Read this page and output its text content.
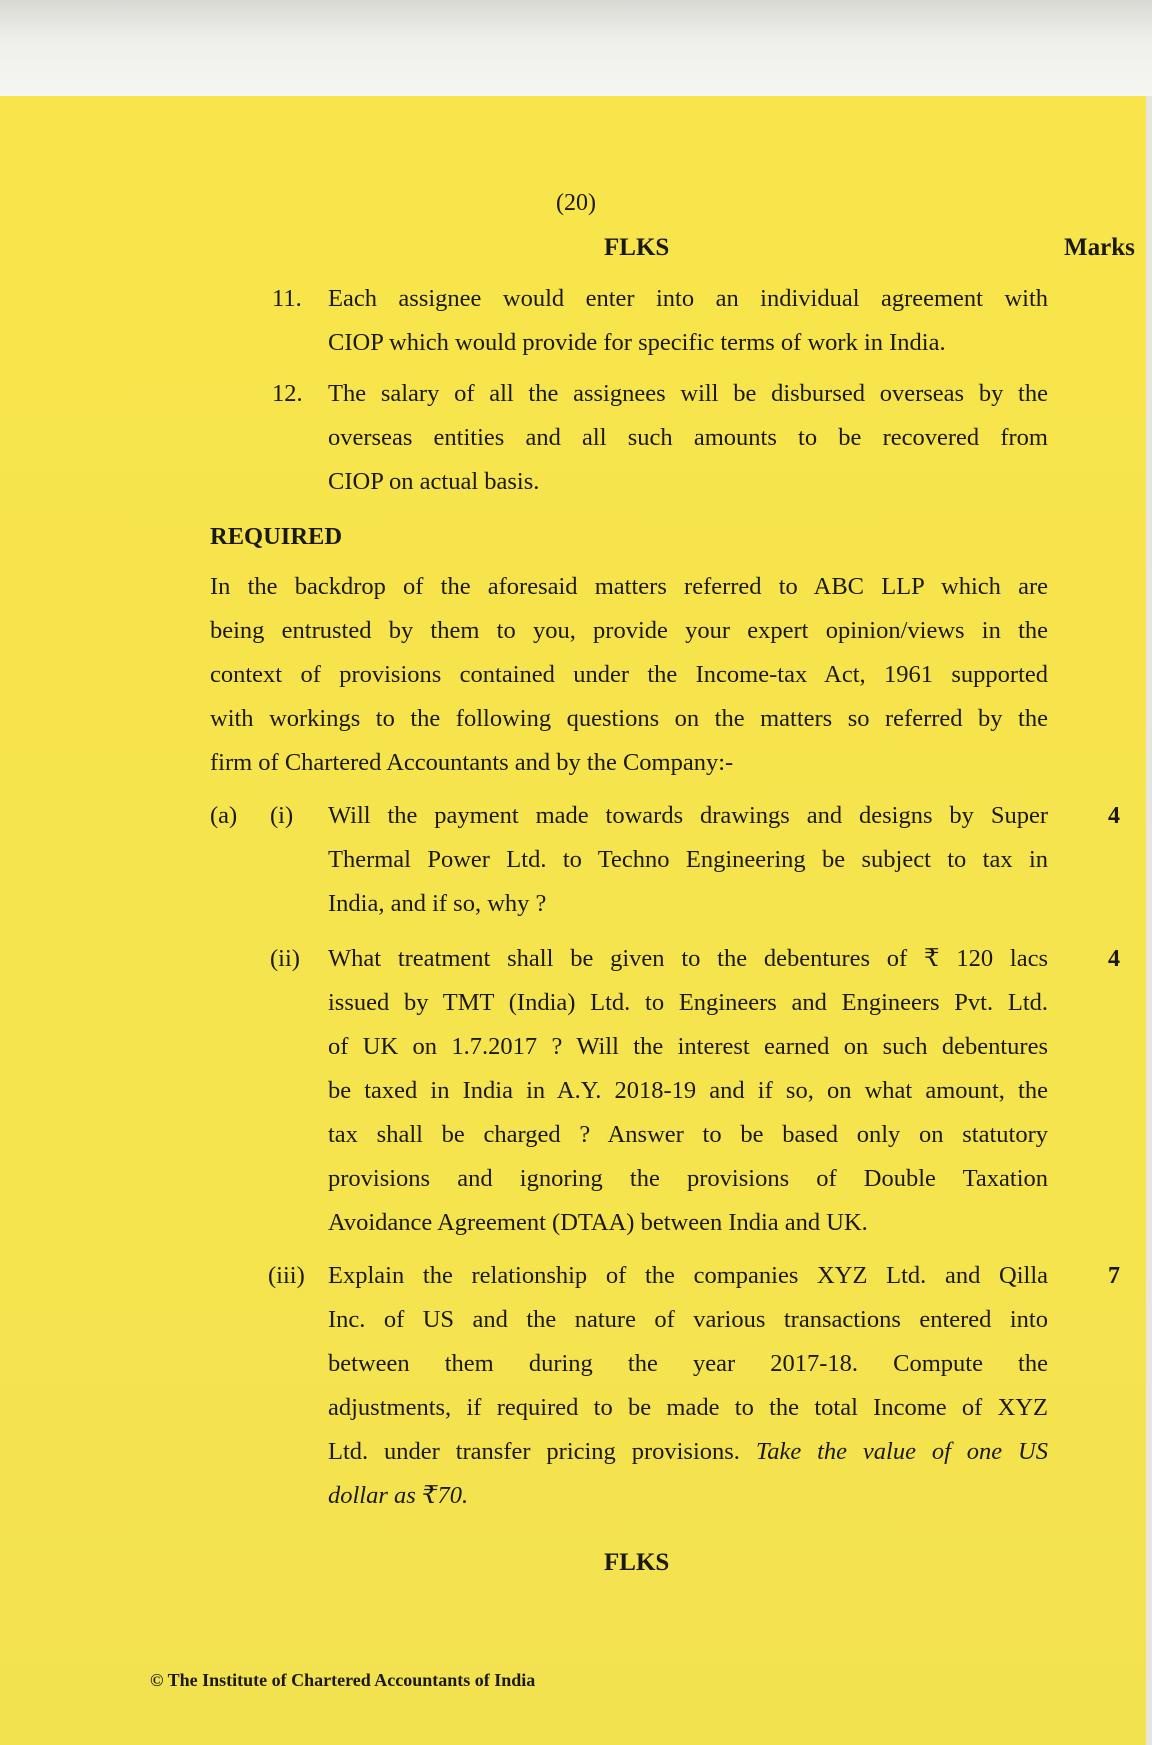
(20)
FLKS	Marks
11. Each assignee would enter into an individual agreement with
CIOP which would provide for specific terms of work in India.
12. The salary of all the assignees will be disbursed overseas by the
overseas entities and all such amounts to be recovered from
CIOP on actual basis.
REQUIRED
In the backdrop of the aforesaid matters referred to ABC LLP which are
being entrusted by them to you, provide your expert opinion/views in the
context of provisions contained under the Income-tax Act, 1961 supported
with workings to the following questions on the matters so referred by the
firm of Chartered Accountants and by the Company:-
(a) (i) Will the payment made towards drawings and designs by Super
Thermal Power Ltd. to Techno Engineering be subject to tax in
India, and if so, why ?
4
(ii) What treatment shall be given to the debentures of ₹ 120 lacs
issued by TMT (India) Ltd. to Engineers and Engineers Pvt. Ltd.
of UK on 1.7.2017 ? Will the interest earned on such debentures
be taxed in India in A.Y. 2018-19 and if so, on what amount, the
tax shall be charged ? Answer to be based only on statutory
provisions and ignoring the provisions of Double Taxation
Avoidance Agreement (DTAA) between India and UK.
4
(iii) Explain the relationship of the companies XYZ Ltd. and Qilla
Inc. of US and the nature of various transactions entered into
between them during the year 2017-18. Compute the
adjustments, if required to be made to the total Income of XYZ
Ltd. under transfer pricing provisions. Take the value of one US
dollar as ₹70.
7
FLKS
© The Institute of Chartered Accountants of India
